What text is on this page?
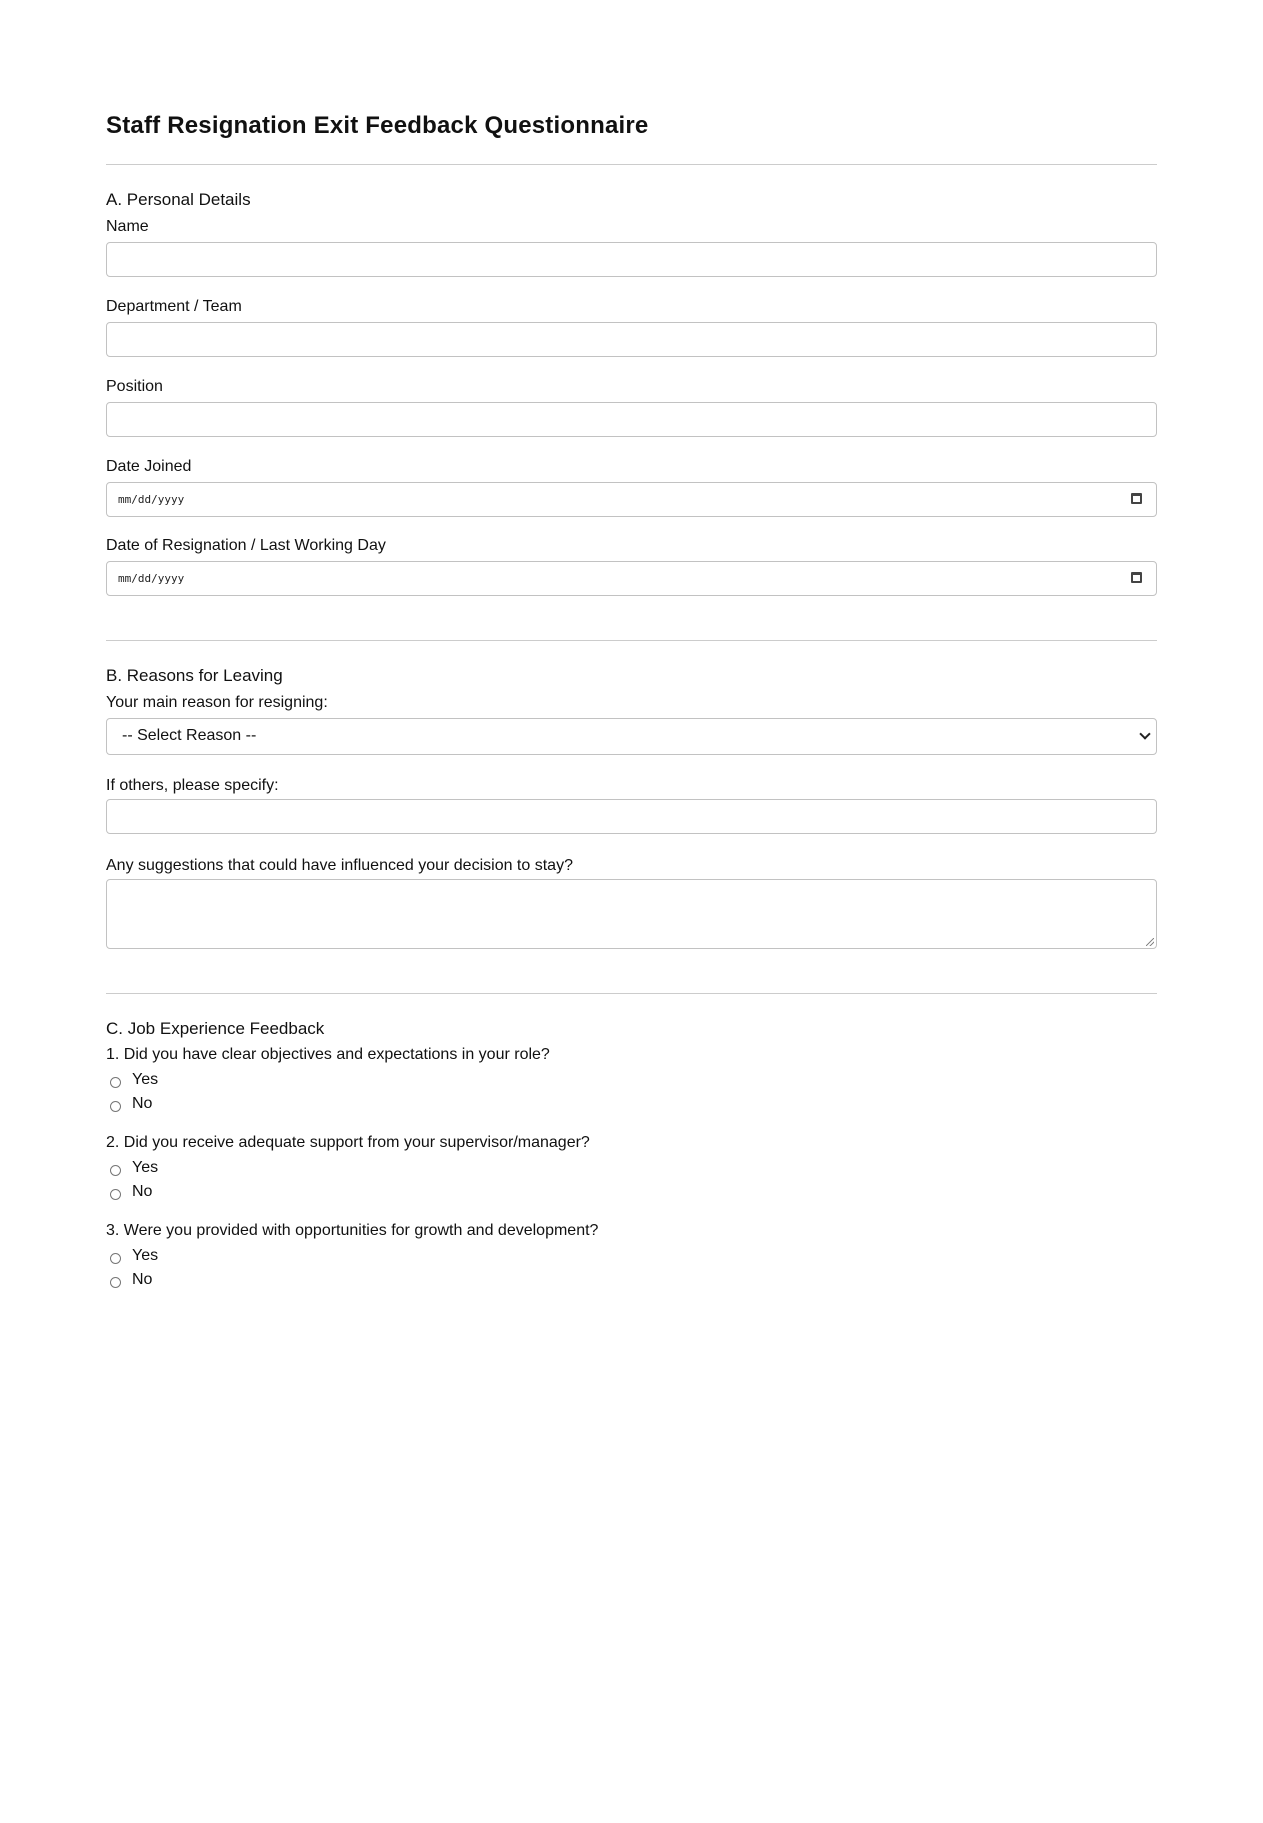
Staff Resignation Exit Feedback Questionnaire
A. Personal Details
Name
Department / Team
Position
Date Joined
mm/dd/yyyy
Date of Resignation / Last Working Day
mm/dd/yyyy
B. Reasons for Leaving
Your main reason for resigning:
-- Select Reason --
If others, please specify:
Any suggestions that could have influenced your decision to stay?
C. Job Experience Feedback
1. Did you have clear objectives and expectations in your role?
Yes
No
2. Did you receive adequate support from your supervisor/manager?
Yes
No
3. Were you provided with opportunities for growth and development?
Yes
No
